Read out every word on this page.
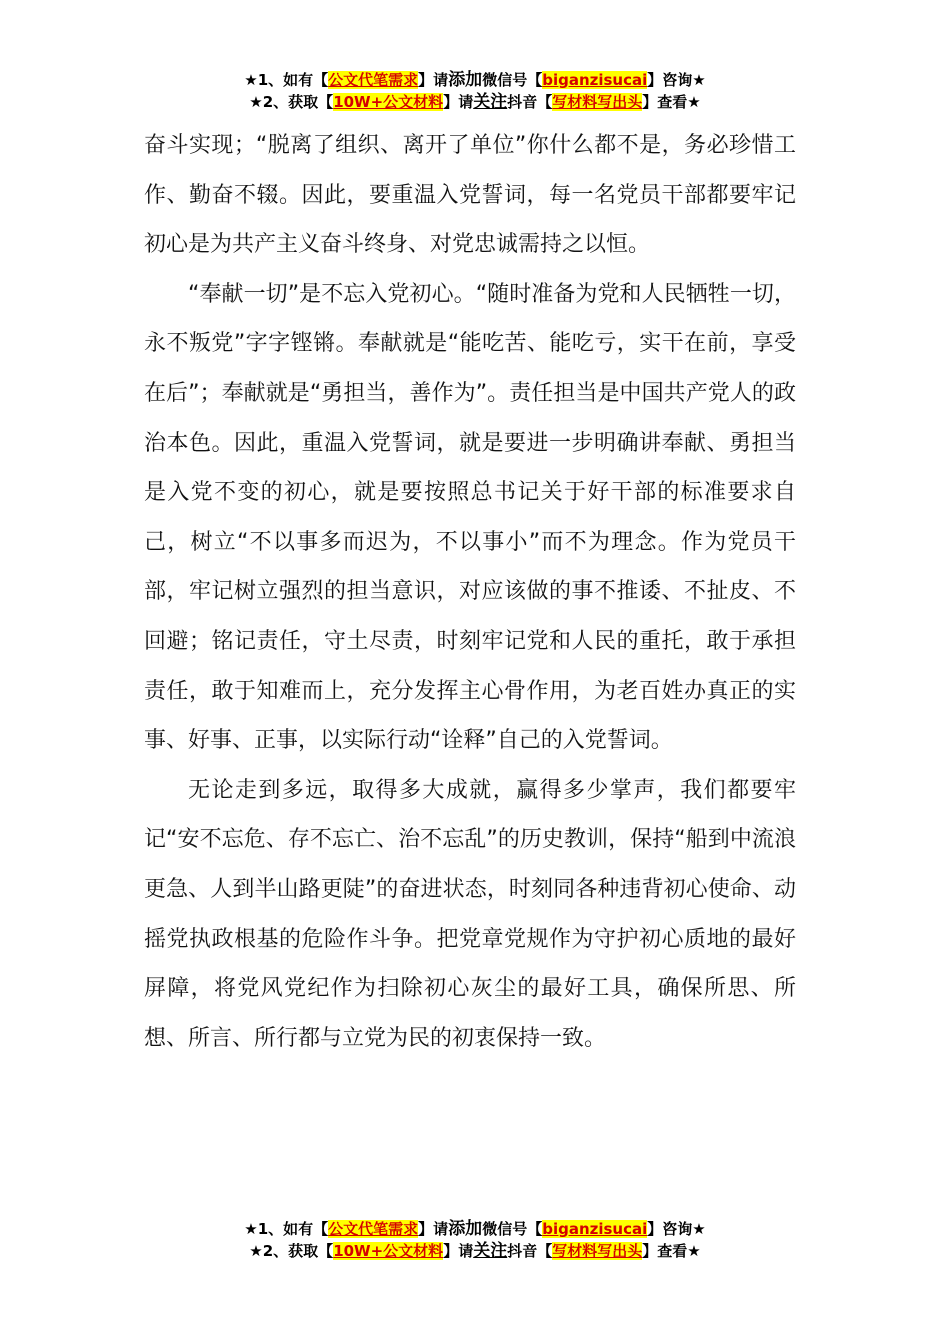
★1、如有【公文代笔需求】请添加微信号【biganzisucai】咨询★
★2、获取【10W+公文材料】请关注抖音【写材料写出头】查看★

奋斗实现；“脱离了组织、离开了单位”你什么都不是，务必珍惜工作、勤奋不辍。因此，要重温入党誓词，每一名党员干部都要牢记初心是为共产主义奋斗终身、对党忠诚需持之以恒。

“奉献一切”是不忘入党初心。“随时准备为党和人民牺牲一切，永不叛党”字字铿锵。奉献就是“能吃苦、能吃亏，实干在前，享受在后”；奉献就是“勇担当，善作为”。责任担当是中国共产党人的政治本色。因此，重温入党誓词，就是要进一步明确讲奉献、勇担当是入党不变的初心，就是要按照总书记关于好干部的标准要求自己，树立“不以事多而迟为，不以事小”而不为理念。作为党员干部，牢记树立强烈的担当意识，对应该做的事不推诿、不扯皮、不回避；铭记责任，守土尽责，时刻牢记党和人民的重托，敢于承担责任，敢于知难而上，充分发挥主心骨作用，为老百姓办真正的实事、好事、正事，以实际行动“诠释”自己的入党誓词。

无论走到多远，取得多大成就，赢得多少掌声，我们都要牢记“安不忘危、存不忘亡、治不忘乱”的历史教训，保持“船到中流浪更急、人到半山路更陡”的奋进状态，时刻同各种违背初心使命、动摇党执政根基的危险作斗争。把党章党规作为守护初心质地的最好屏障，将党风党纪作为扫除初心灰尘的最好工具，确保所思、所想、所言、所行都与立党为民的初衷保持一致。

★1、如有【公文代笔需求】请添加微信号【biganzisucai】咨询★
★2、获取【10W+公文材料】请关注抖音【写材料写出头】查看★
